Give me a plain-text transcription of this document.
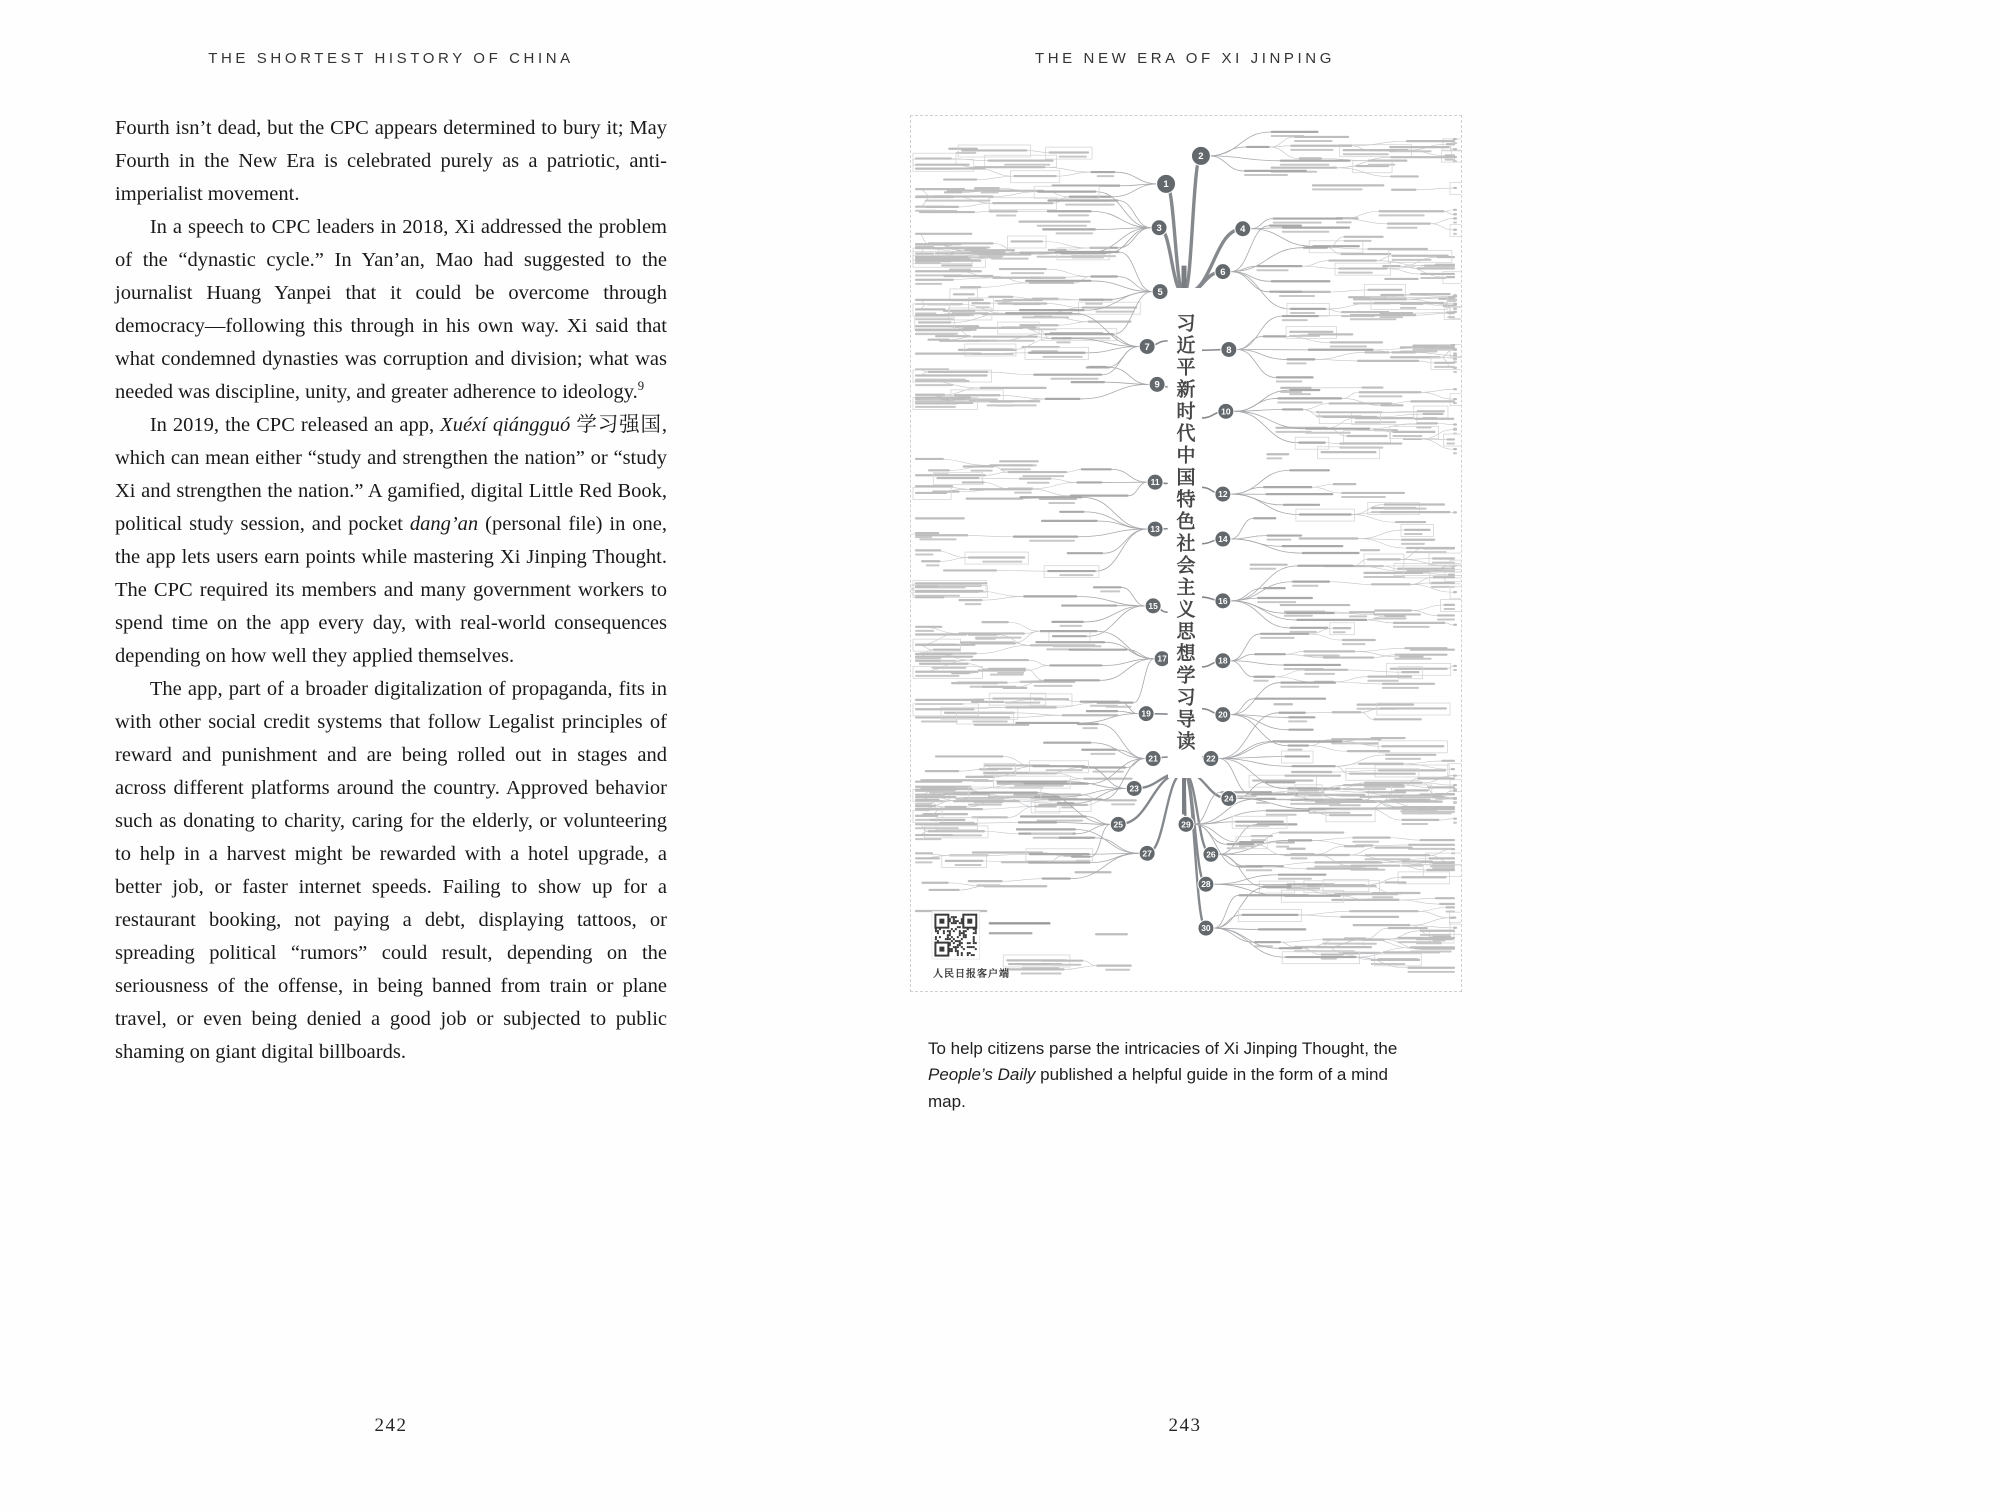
THE SHORTEST HISTORY OF CHINA

Fourth isn’t dead, but the CPC appears determined to bury it; May Fourth in the New Era is celebrated purely as a patriotic, anti-imperialist movement.

In a speech to CPC leaders in 2018, Xi addressed the problem of the “dynastic cycle.” In Yan’an, Mao had suggested to the journalist Huang Yanpei that it could be overcome through democracy—following this through in his own way. Xi said that what condemned dynasties was corruption and division; what was needed was discipline, unity, and greater adherence to ideology.$^9$

In 2019, the CPC released an app, Xuéxí qiángguó 学习强国, which can mean either “study and strengthen the nation” or “study Xi and strengthen the nation.” A gamified, digital Little Red Book, political study session, and pocket dang’an (personal file) in one, the app lets users earn points while mastering Xi Jinping Thought. The CPC required its members and many government workers to spend time on the app every day, with real-world consequences depending on how well they applied themselves.

The app, part of a broader digitalization of propaganda, fits in with other social credit systems that follow Legalist principles of reward and punishment and are being rolled out in stages and across different platforms around the country. Approved behavior such as donating to charity, caring for the elderly, or volunteering to help in a harvest might be rewarded with a hotel upgrade, a better job, or faster internet speeds. Failing to show up for a restaurant booking, not paying a debt, displaying tattoos, or spreading political “rumors” could result, depending on the seriousness of the offense, in being banned from train or plane travel, or even being denied a good job or subjected to public shaming on giant digital billboards.

242
THE NEW ERA OF XI JINPING
1
2
3	4
5
6
7	8
9
10
11
12
13
14
15	16
17	18
19	20
21	22
23
24
25
26
27
28
29
30
习近平新时代中国特色社会主义思想学习导读
人民日报客户端

To help citizens parse the intricacies of Xi Jinping Thought, the People’s Daily published a helpful guide in the form of a mind map.

243
